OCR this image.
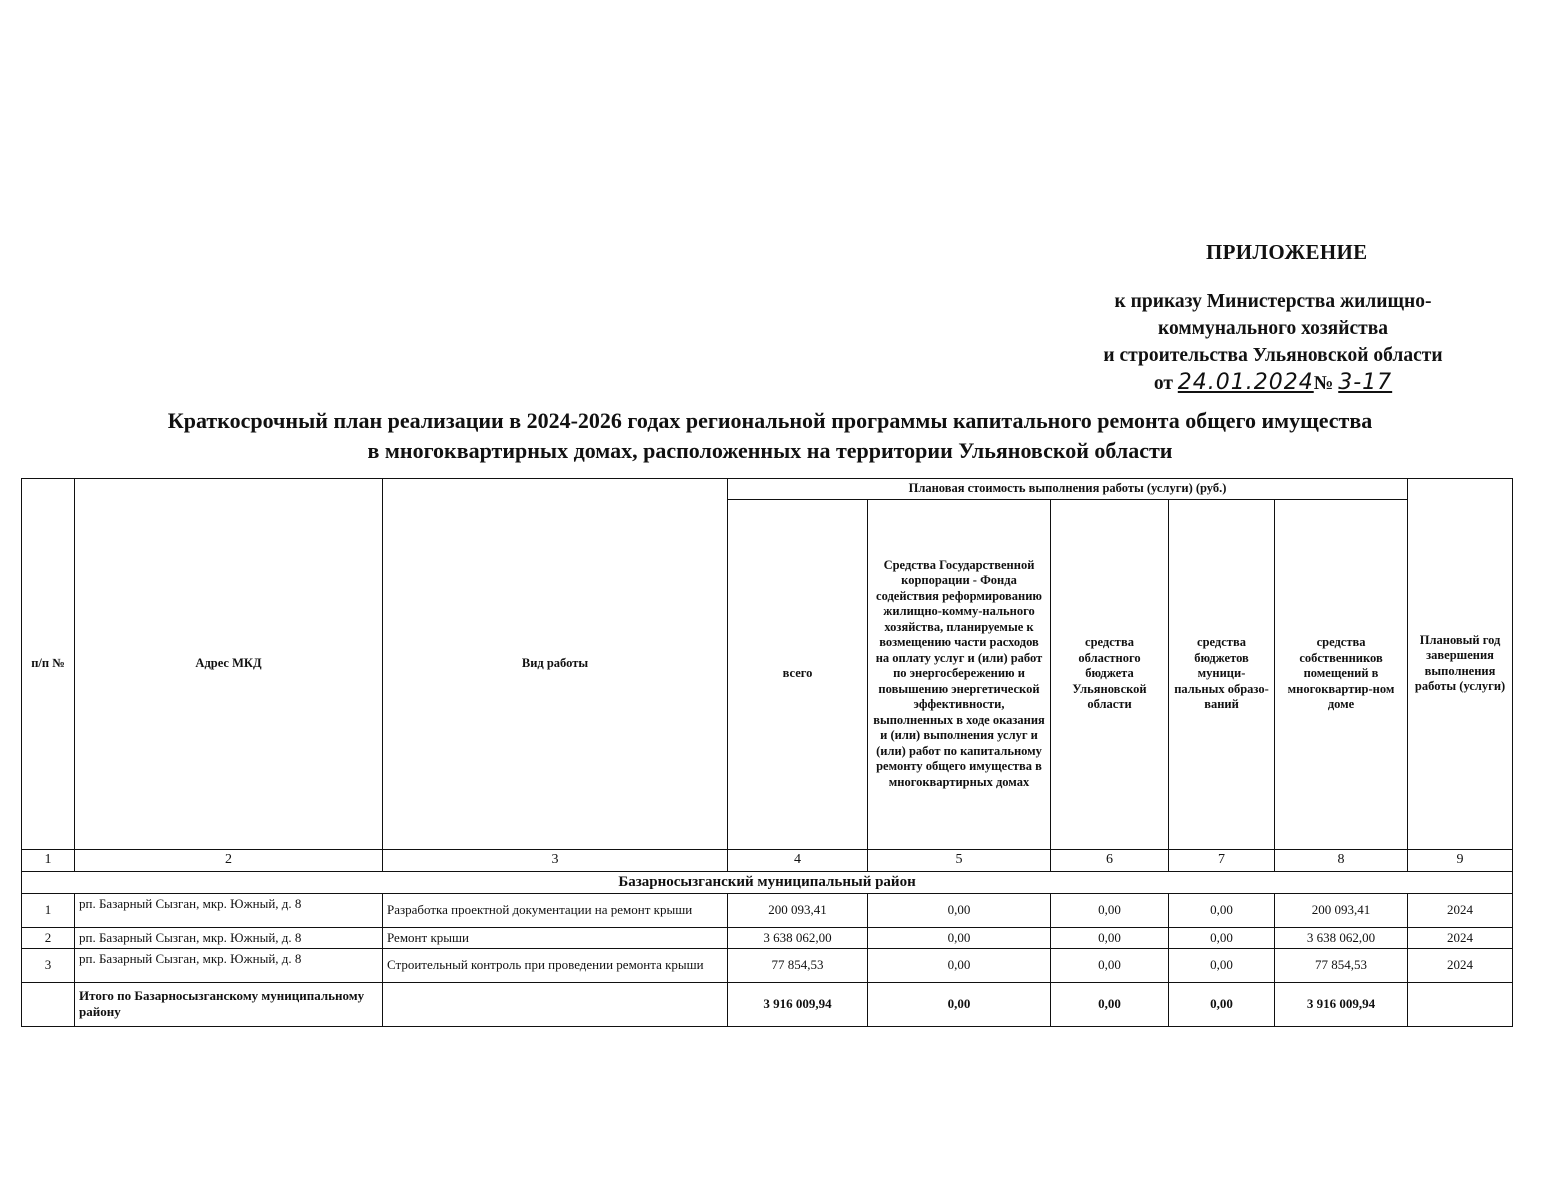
ПРИЛОЖЕНИЕ
к приказу Министерства жилищно-
коммунального хозяйства
и строительства Ульяновской области
от 24.01.2024№ 3-17
Краткосрочный план реализации в 2024-2026 годах региональной программы капитального ремонта общего имущества
в многоквартирных домах, расположенных на территории Ульяновской области
п/п №	Адрес МКД	Вид работы	Плановая стоимость выполнения работы (услуги) (руб.)					Плановый год завершения выполнения работы (услуги)
			всего	Средства Государственной корпорации - Фонда содействия реформированию жилищно-комму-нального хозяйства, планируемые к возмещению части расходов на оплату услуг и (или) работ по энергосбережению и повышению энергетической эффективности, выполненных в ходе оказания и (или) выполнения услуг и (или) работ по капитальному ремонту общего имущества в многоквартирных домах	средства областного бюджета Ульяновской области	средства бюджетов муници-пальных образо-ваний	средства собственников помещений в многоквартир-ном доме	
1	2	3	4	5	6	7	8	9
Базарносызганский муниципальный район								
1	рп. Базарный Сызган, мкр. Южный, д. 8	Разработка проектной документации на ремонт крыши	200 093,41	0,00	0,00	0,00	200 093,41	2024
2	рп. Базарный Сызган, мкр. Южный, д. 8	Ремонт крыши	3 638 062,00	0,00	0,00	0,00	3 638 062,00	2024
3	рп. Базарный Сызган, мкр. Южный, д. 8	Строительный контроль при проведении ремонта крыши	77 854,53	0,00	0,00	0,00	77 854,53	2024
	Итого по Базарносызганскому муниципальному району		3 916 009,94	0,00	0,00	0,00	3 916 009,94	
